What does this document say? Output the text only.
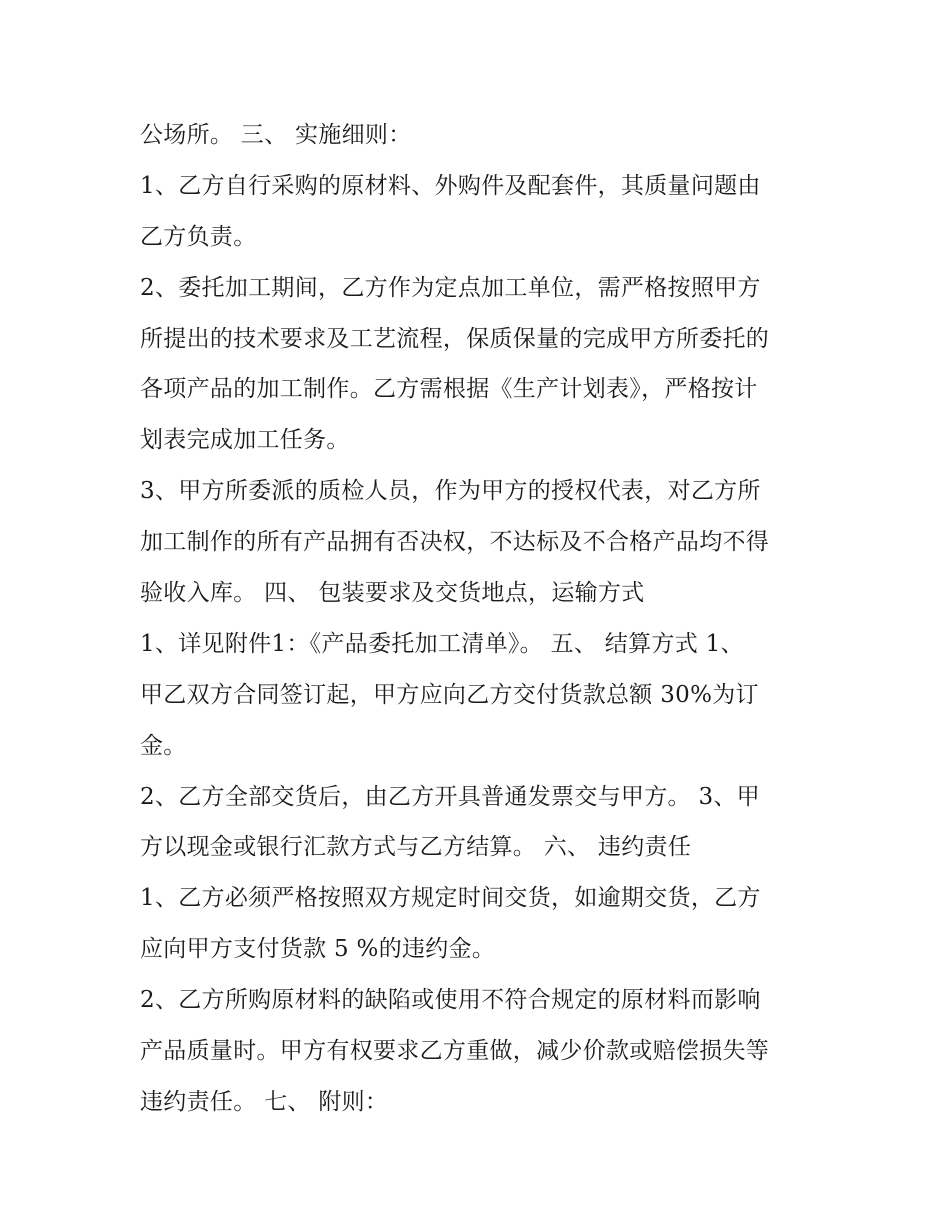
公场所。 三、 实施细则：
1、乙方自行采购的原材料、外购件及配套件，其质量问题由
乙方负责。
2、委托加工期间，乙方作为定点加工单位，需严格按照甲方
所提出的技术要求及工艺流程，保质保量的完成甲方所委托的
各项产品的加工制作。乙方需根据《生产计划表》，严格按计
划表完成加工任务。
3、甲方所委派的质检人员，作为甲方的授权代表，对乙方所
加工制作的所有产品拥有否决权，不达标及不合格产品均不得
验收入库。 四、 包装要求及交货地点，运输方式
1、详见附件1：《产品委托加工清单》。 五、 结算方式 1、
甲乙双方合同签订起，甲方应向乙方交付货款总额 30%为订
金。
2、乙方全部交货后，由乙方开具普通发票交与甲方。 3、甲
方以现金或银行汇款方式与乙方结算。 六、 违约责任
1、乙方必须严格按照双方规定时间交货，如逾期交货，乙方
应向甲方支付货款 5 %的违约金。
2、乙方所购原材料的缺陷或使用不符合规定的原材料而影响
产品质量时。甲方有权要求乙方重做，减少价款或赔偿损失等
违约责任。 七、 附则：
